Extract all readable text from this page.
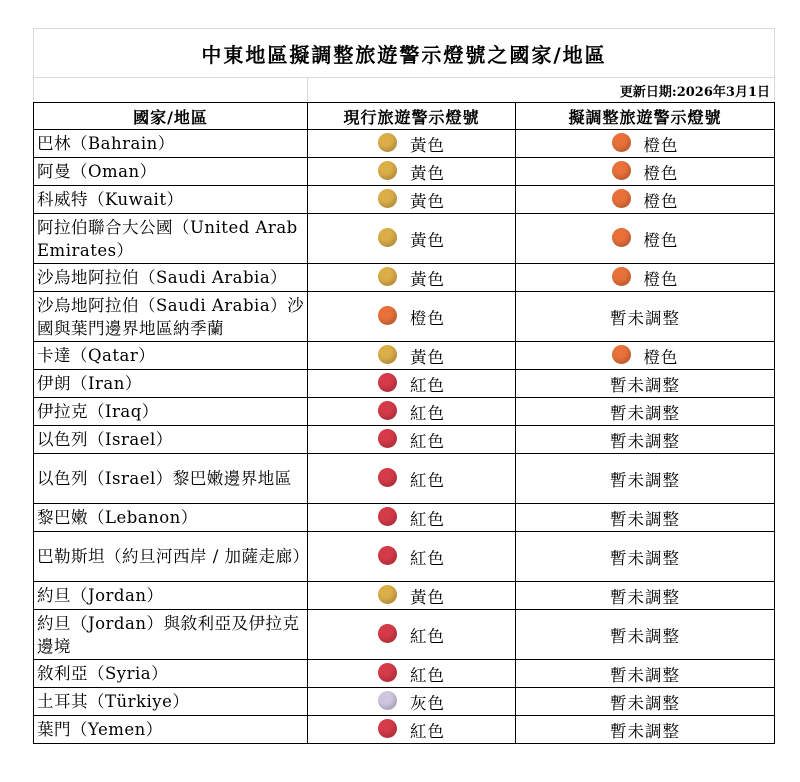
中東地區擬調整旅遊警示燈號之國家/地區		
	更新日期:2026年3月1日	
國家/地區	現行旅遊警示燈號	擬調整旅遊警示燈號
巴林（Bahrain）	黃色	橙色
阿曼（Oman）	黃色	橙色
科威特（Kuwait）	黃色	橙色
阿拉伯聯合大公國（United Arab Emirates）	黃色	橙色
沙烏地阿拉伯（Saudi Arabia）	黃色	橙色
沙烏地阿拉伯（Saudi Arabia）沙國與葉門邊界地區納季蘭	橙色	暫未調整
卡達（Qatar）	黃色	橙色
伊朗（Iran）	紅色	暫未調整
伊拉克（Iraq）	紅色	暫未調整
以色列（Israel）	紅色	暫未調整
以色列（Israel）黎巴嫩邊界地區	紅色	暫未調整
黎巴嫩（Lebanon）	紅色	暫未調整
巴勒斯坦（約旦河西岸 / 加薩走廊）	紅色	暫未調整
約旦（Jordan）	黃色	暫未調整
約旦（Jordan）與敘利亞及伊拉克邊境	紅色	暫未調整
敘利亞（Syria）	紅色	暫未調整
土耳其（Türkiye）	灰色	暫未調整
葉門（Yemen）	紅色	暫未調整
